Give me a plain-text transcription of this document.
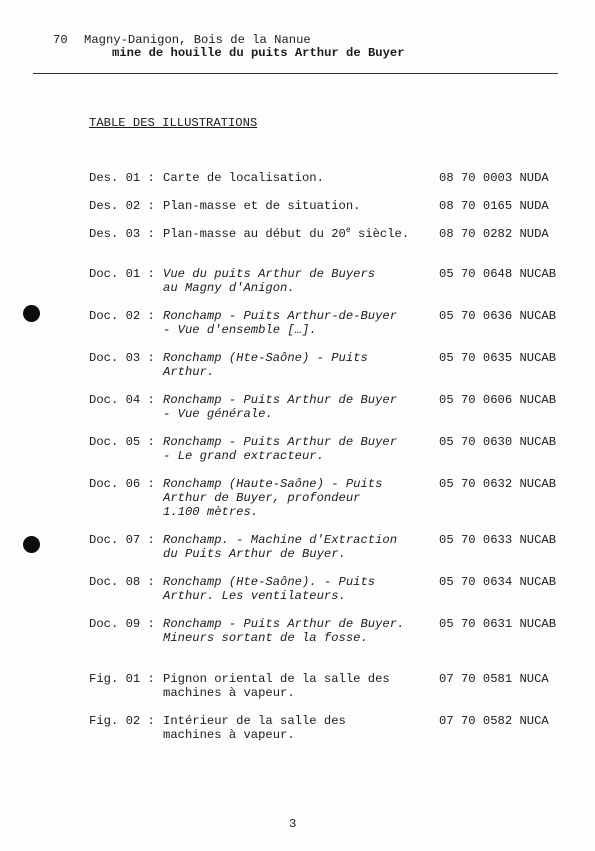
70 Magny-Danigon, Bois de la Nanue
mine de houille du puits Arthur de Buyer
TABLE DES ILLUSTRATIONS
Des. 01 : Carte de localisation.	08 70 0003 NUDA
Des. 02 : Plan-masse et de situation.	08 70 0165 NUDA
Des. 03 : Plan-masse au début du 20e siècle. 08 70 0282 NUDA
Doc. 01 : Vue du puits Arthur de Buyers
au Magny d'Anigon.
05 70 0648 NUCAB
Doc. 02 : Ronchamp - Puits Arthur-de-Buyer
- Vue d'ensemble […].
05 70 0636 NUCAB
Doc. 03 : Ronchamp (Hte-Saône) - Puits
Arthur.
05 70 0635 NUCAB
Doc. 04 : Ronchamp - Puits Arthur de Buyer
- Vue générale.
05 70 0606 NUCAB
Doc. 05 : Ronchamp - Puits Arthur de Buyer
- Le grand extracteur.
05 70 0630 NUCAB
Doc. 06 : Ronchamp (Haute-Saône) - Puits
Arthur de Buyer, profondeur
1.100 mètres.
05 70 0632 NUCAB
Doc. 07 : Ronchamp. - Machine d'Extraction
du Puits Arthur de Buyer.
05 70 0633 NUCAB
Doc. 08 : Ronchamp (Hte-Saône). - Puits
Arthur. Les ventilateurs.
05 70 0634 NUCAB
Doc. 09 : Ronchamp - Puits Arthur de Buyer.
Mineurs sortant de la fosse.
05 70 0631 NUCAB
Fig. 01 : Pignon oriental de la salle des
machines à vapeur.
07 70 0581 NUCA
Fig. 02 : Intérieur de la salle des
machines à vapeur.
07 70 0582 NUCA
3
